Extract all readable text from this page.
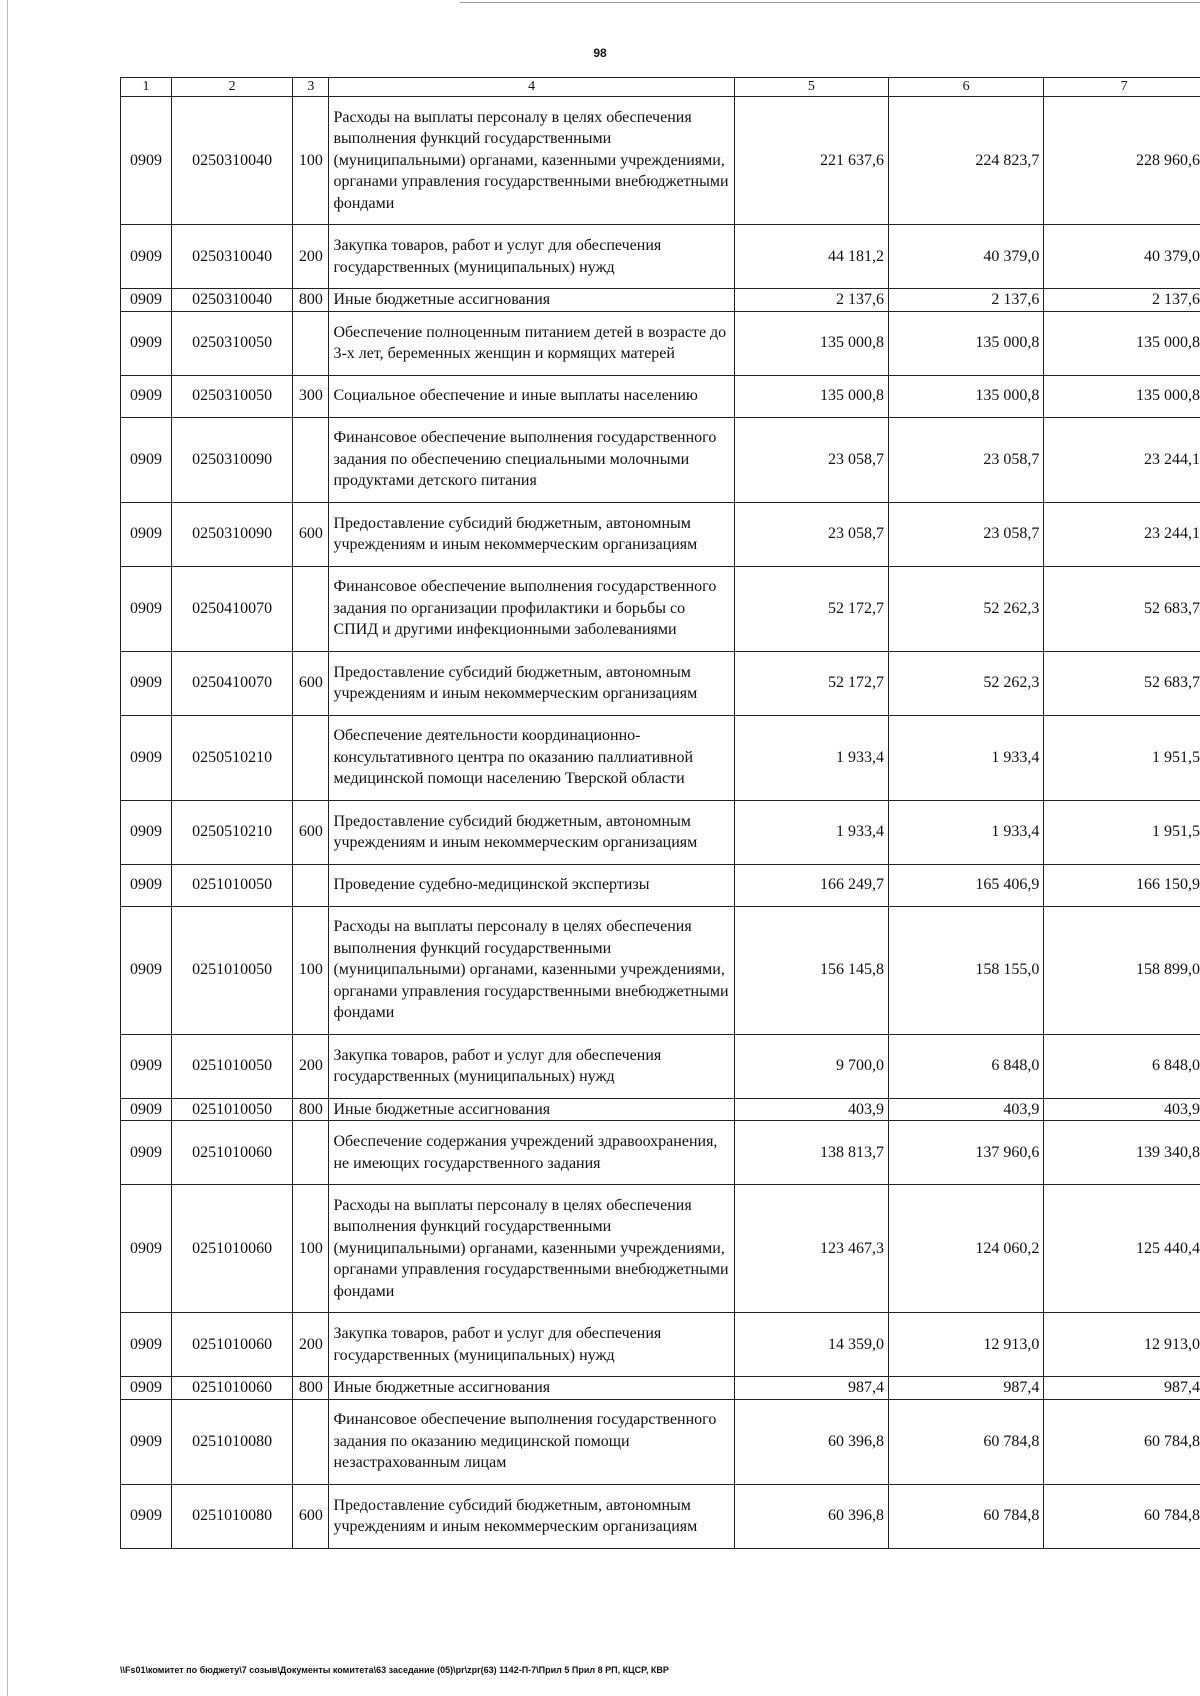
98
1	2	3	4	5	6	7
0909	0250310040	100	Расходы на выплаты персоналу в целях обеспечения выполнения функций государственными (муниципальными) органами, казенными учреждениями, органами управления государственными внебюджетными фондами	221 637,6	224 823,7	228 960,6
0909	0250310040	200	Закупка товаров, работ и услуг для обеспечения государственных (муниципальных) нужд	44 181,2	40 379,0	40 379,0
0909	0250310040	800	Иные бюджетные ассигнования	2 137,6	2 137,6	2 137,6
0909	0250310050		Обеспечение полноценным питанием детей в возрасте до 3-х лет, беременных женщин и кормящих матерей	135 000,8	135 000,8	135 000,8
0909	0250310050	300	Социальное обеспечение и иные выплаты населению	135 000,8	135 000,8	135 000,8
0909	0250310090		Финансовое обеспечение выполнения государственного задания по обеспечению специальными молочными продуктами детского питания	23 058,7	23 058,7	23 244,1
0909	0250310090	600	Предоставление субсидий бюджетным, автономным учреждениям и иным некоммерческим организациям	23 058,7	23 058,7	23 244,1
0909	0250410070		Финансовое обеспечение выполнения государственного задания по организации профилактики и борьбы со СПИД и другими инфекционными заболеваниями	52 172,7	52 262,3	52 683,7
0909	0250410070	600	Предоставление субсидий бюджетным, автономным учреждениям и иным некоммерческим организациям	52 172,7	52 262,3	52 683,7
0909	0250510210		Обеспечение деятельности координационно-консультативного центра по оказанию паллиативной медицинской помощи населению Тверской области	1 933,4	1 933,4	1 951,5
0909	0250510210	600	Предоставление субсидий бюджетным, автономным учреждениям и иным некоммерческим организациям	1 933,4	1 933,4	1 951,5
0909	0251010050		Проведение судебно-медицинской экспертизы	166 249,7	165 406,9	166 150,9
0909	0251010050	100	Расходы на выплаты персоналу в целях обеспечения выполнения функций государственными (муниципальными) органами, казенными учреждениями, органами управления государственными внебюджетными фондами	156 145,8	158 155,0	158 899,0
0909	0251010050	200	Закупка товаров, работ и услуг для обеспечения государственных (муниципальных) нужд	9 700,0	6 848,0	6 848,0
0909	0251010050	800	Иные бюджетные ассигнования	403,9	403,9	403,9
0909	0251010060		Обеспечение содержания учреждений здравоохранения, не имеющих государственного задания	138 813,7	137 960,6	139 340,8
0909	0251010060	100	Расходы на выплаты персоналу в целях обеспечения выполнения функций государственными (муниципальными) органами, казенными учреждениями, органами управления государственными внебюджетными фондами	123 467,3	124 060,2	125 440,4
0909	0251010060	200	Закупка товаров, работ и услуг для обеспечения государственных (муниципальных) нужд	14 359,0	12 913,0	12 913,0
0909	0251010060	800	Иные бюджетные ассигнования	987,4	987,4	987,4
0909	0251010080		Финансовое обеспечение выполнения государственного задания по оказанию медицинской помощи незастрахованным лицам	60 396,8	60 784,8	60 784,8
0909	0251010080	600	Предоставление субсидий бюджетным, автономным учреждениям и иным некоммерческим организациям	60 396,8	60 784,8	60 784,8
\\Fs01\комитет по бюджету\7 созыв\Документы комитета\63 заседание (05)\pr\zpr(63) 1142-П-7\Прил 5 Прил 8 РП, КЦСР, КВР
